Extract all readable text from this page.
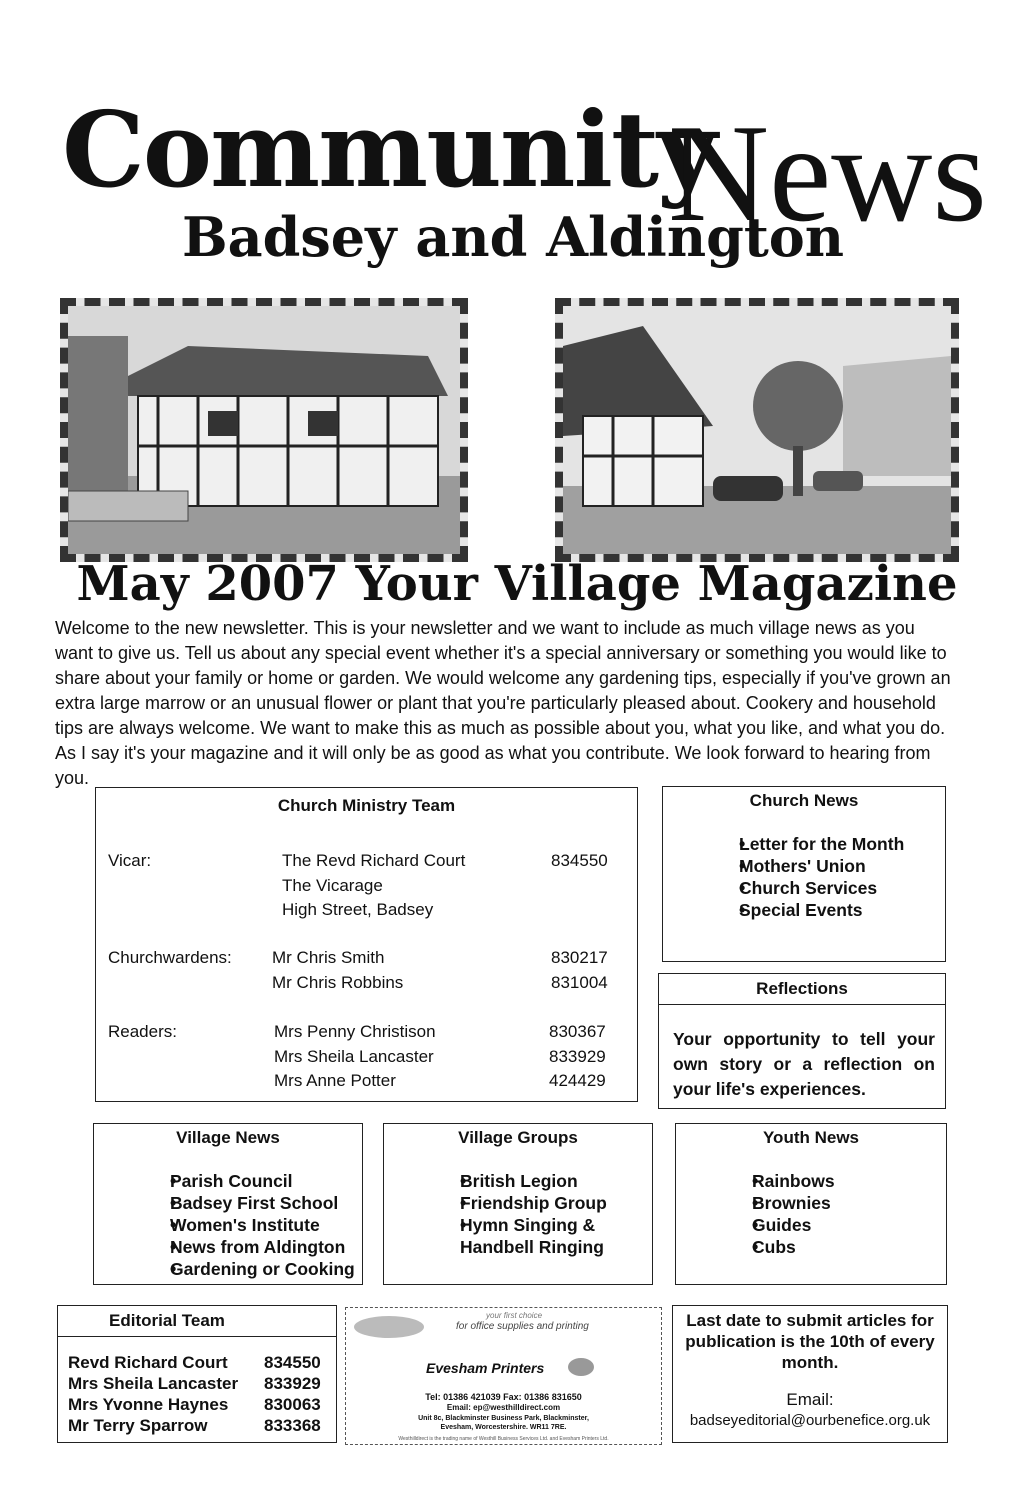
Community
News
Badsey and Aldington
May 2007 Your Village Magazine
Welcome to the new newsletter. This is your newsletter and we want to include as much village news as you want to give us. Tell us about any special event whether it's a special anniversary or something you would like to share about your family or home or garden. We would welcome any gardening tips, especially if you've grown an extra large marrow or an unusual flower or plant that you're particularly pleased about. Cookery and household tips are always welcome. We want to make this as much as possible about you, what you like, and what you do. As I say it's your magazine and it will only be as good as what you contribute. We look forward to hearing from you.
Church Ministry Team
Vicar:	The Revd Richard Court	834550
The Vicarage
High Street, Badsey
Churchwardens: Mr Chris Smith	830217
Mr Chris Robbins	831004
Readers:	Mrs Penny Christison	830367
Mrs Sheila Lancaster	833929
Mrs Anne Potter	424429
Church News
• Letter for the Month
• Mothers' Union
• Church Services
• Special Events
Reflections
Your opportunity to tell your own story or a reflection on your life's experiences.
Village News
• Parish Council
• Badsey First School
• Women's Institute
• News from Aldington
• Gardening or Cooking
Village Groups
• British Legion
• Friendship Group
• Hymn Singing &
Handbell Ringing
Youth News
• Rainbows
• Brownies
• Guides
• Cubs
Editorial Team
Revd Richard Court 834550
Mrs Sheila Lancaster 833929
Mrs Yvonne Haynes 830063
Mr Terry Sparrow	833368
your first choice
for office supplies and printing
Evesham Printers
Tel: 01386 421039 Fax: 01386 831650
Email: ep@westhilldirect.com
Unit 8c, Blackminster Business Park, Blackminster,
Evesham, Worcestershire. WR11 7RE.
Westhilldirect is the trading name of Westhill Business Services Ltd. and Evesham Printers Ltd.
Last date to submit articles for publication is the 10th of every month.
Email:
badseyeditorial@ourbenefice.org.uk
